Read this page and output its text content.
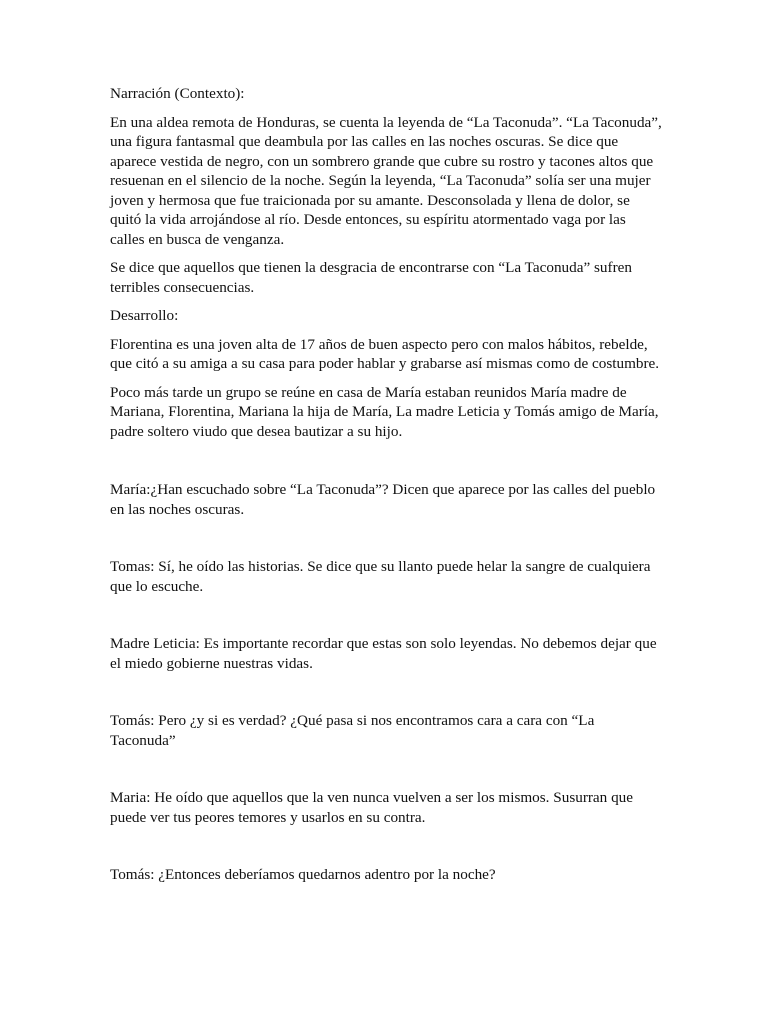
Narración (Contexto):

En una aldea remota de Honduras, se cuenta la leyenda de “La Taconuda”. “La Taconuda”, una figura fantasmal que deambula por las calles en las noches oscuras. Se dice que aparece vestida de negro, con un sombrero grande que cubre su rostro y tacones altos que resuenan en el silencio de la noche. Según la leyenda, “La Taconuda” solía ser una mujer joven y hermosa que fue traicionada por su amante. Desconsolada y llena de dolor, se quitó la vida arrojándose al río. Desde entonces, su espíritu atormentado vaga por las calles en busca de venganza.

Se dice que aquellos que tienen la desgracia de encontrarse con “La Taconuda” sufren terribles consecuencias.

Desarrollo:

Florentina es una joven alta de 17 años de buen aspecto pero con malos hábitos, rebelde, que citó a su amiga a su casa para poder hablar y grabarse así mismas como de costumbre.

Poco más tarde un grupo se reúne en casa de María estaban reunidos María madre de Mariana, Florentina, Mariana la hija de María, La madre Leticia y Tomás amigo de María, padre soltero viudo que desea bautizar a su hijo.

María:¿Han escuchado sobre “La Taconuda”? Dicen que aparece por las calles del pueblo en las noches oscuras.

Tomas: Sí, he oído las historias. Se dice que su llanto puede helar la sangre de cualquiera que lo escuche.

Madre Leticia: Es importante recordar que estas son solo leyendas. No debemos dejar que el miedo gobierne nuestras vidas.

Tomás: Pero ¿y si es verdad? ¿Qué pasa si nos encontramos cara a cara con “La Taconuda”

Maria: He oído que aquellos que la ven nunca vuelven a ser los mismos. Susurran que puede ver tus peores temores y usarlos en su contra.

Tomás: ¿Entonces deberíamos quedarnos adentro por la noche?
